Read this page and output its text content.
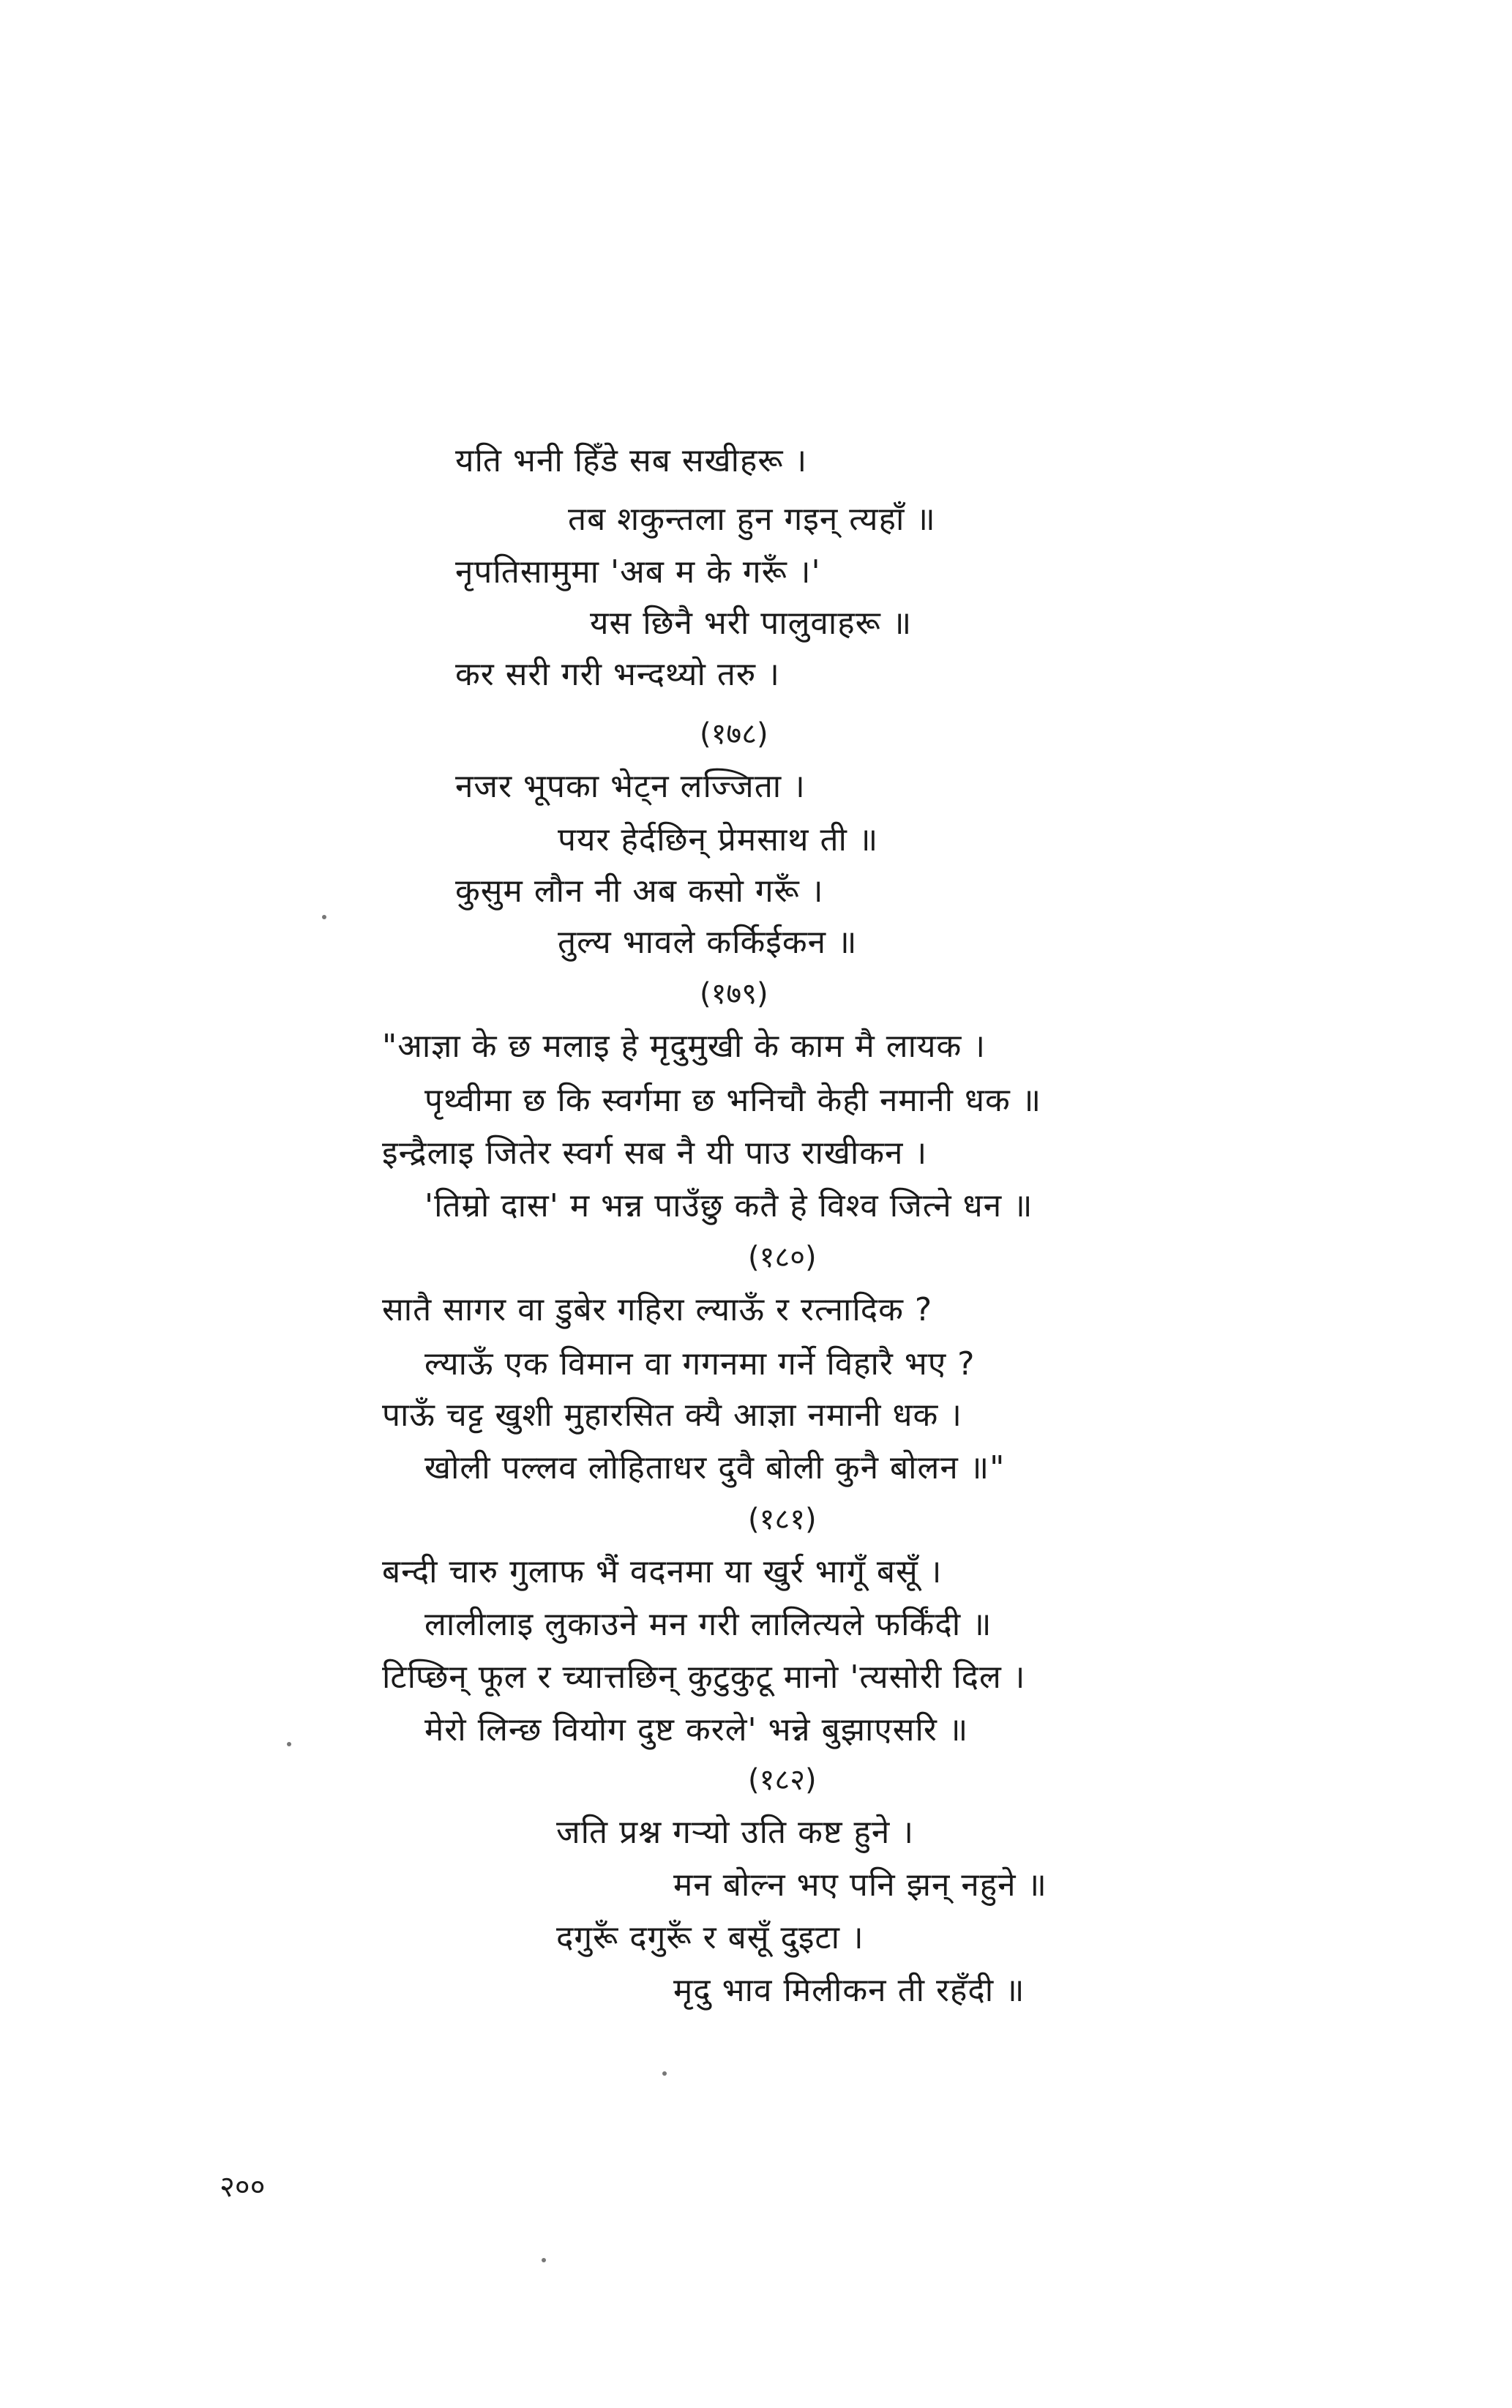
यति भनी हिँडे सब सखीहरू ।
तब शकुन्तला हुन गइन् त्यहाँ ॥
नृपतिसामुमा 'अब म के गरूँ ।'
यस छिनै भरी पालुवाहरू ॥
कर सरी गरी भन्दथ्यो तरु ।
(१७८)
नजर भूपका भेट्न लज्जिता ।
पयर हेर्दछिन् प्रेमसाथ ती ॥
कुसुम लौन नी अब कसो गरूँ ।
तुल्य भावले कर्किईकन ॥
(१७९)
"आज्ञा के छ मलाइ हे मृदुमुखी के काम मै लायक ।
पृथ्वीमा छ कि स्वर्गमा छ भनिचौ केही नमानी धक ॥
इन्द्रैलाइ जितेर स्वर्ग सब नै यी पाउ राखीकन ।
'तिम्रो दास' म भन्न पाउँछु कतै हे विश्व जित्ने धन ॥
(१८०)
सातै सागर वा डुबेर गहिरा ल्याऊँ र रत्नादिक ?
ल्याऊँ एक विमान वा गगनमा गर्ने विहारै भए ?
पाऊँ चट्ट खुशी मुहारसित क्यै आज्ञा नमानी धक ।
खोली पल्लव लोहिताधर दुवै बोली कुनै बोलन ॥"
(१८१)
बन्दी चारु गुलाफ भैं वदनमा या खुर्र भागूँ बसूँ ।
लालीलाइ लुकाउने मन गरी लालित्यले फर्किंदी ॥
टिप्छिन् फूल र च्यात्तछिन् कुटुकुटू मानो 'त्यसोरी दिल ।
मेरो लिन्छ वियोग दुष्ट करले' भन्ने बुझाएसरि ॥
(१८२)
जति प्रश्न गऱ्यो उति कष्ट हुने ।
मन बोल्न भए पनि झन् नहुने ॥
दगुरूँ दगुरूँ र बसूँ दुइटा ।
मृदु भाव मिलीकन ती रहँदी ॥
२००
